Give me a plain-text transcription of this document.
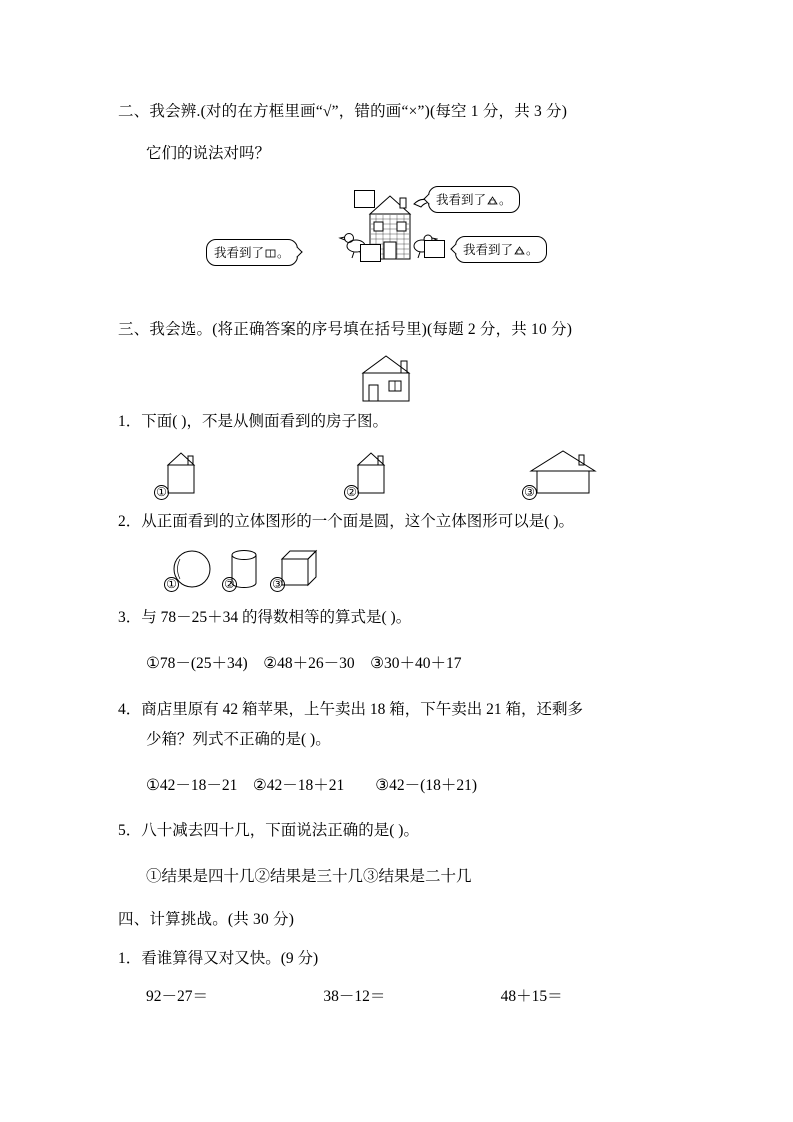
二、我会辨.(对的在方框里画“√”，错的画“×”)(每空 1 分，共 3 分)

它们的说法对吗？

我看到了 。
我看到了 。	我看到了 。

三、我会选。(将正确答案的序号填在括号里)(每题 2 分，共 10 分)

1．下面( )，不是从侧面看到的房子图。

①	②	③

2．从正面看到的立体图形的一个面是圆，这个立体图形可以是( )。

①	②	③

3．与 78－25＋34 的得数相等的算式是( )。

①78－(25＋34)　②48＋26－30　③30＋40＋17

4．商店里原有 42 箱苹果，上午卖出 18 箱，下午卖出 21 箱，还剩多

少箱？列式不正确的是( )。

①42－18－21　②42－18＋21　　③42－(18＋21)

5．八十减去四十几，下面说法正确的是( )。

①结果是四十几②结果是三十几③结果是二十几

四、计算挑战。(共 30 分)

1．看谁算得又对又快。(9 分)

92－27＝	38－12＝	48＋15＝
